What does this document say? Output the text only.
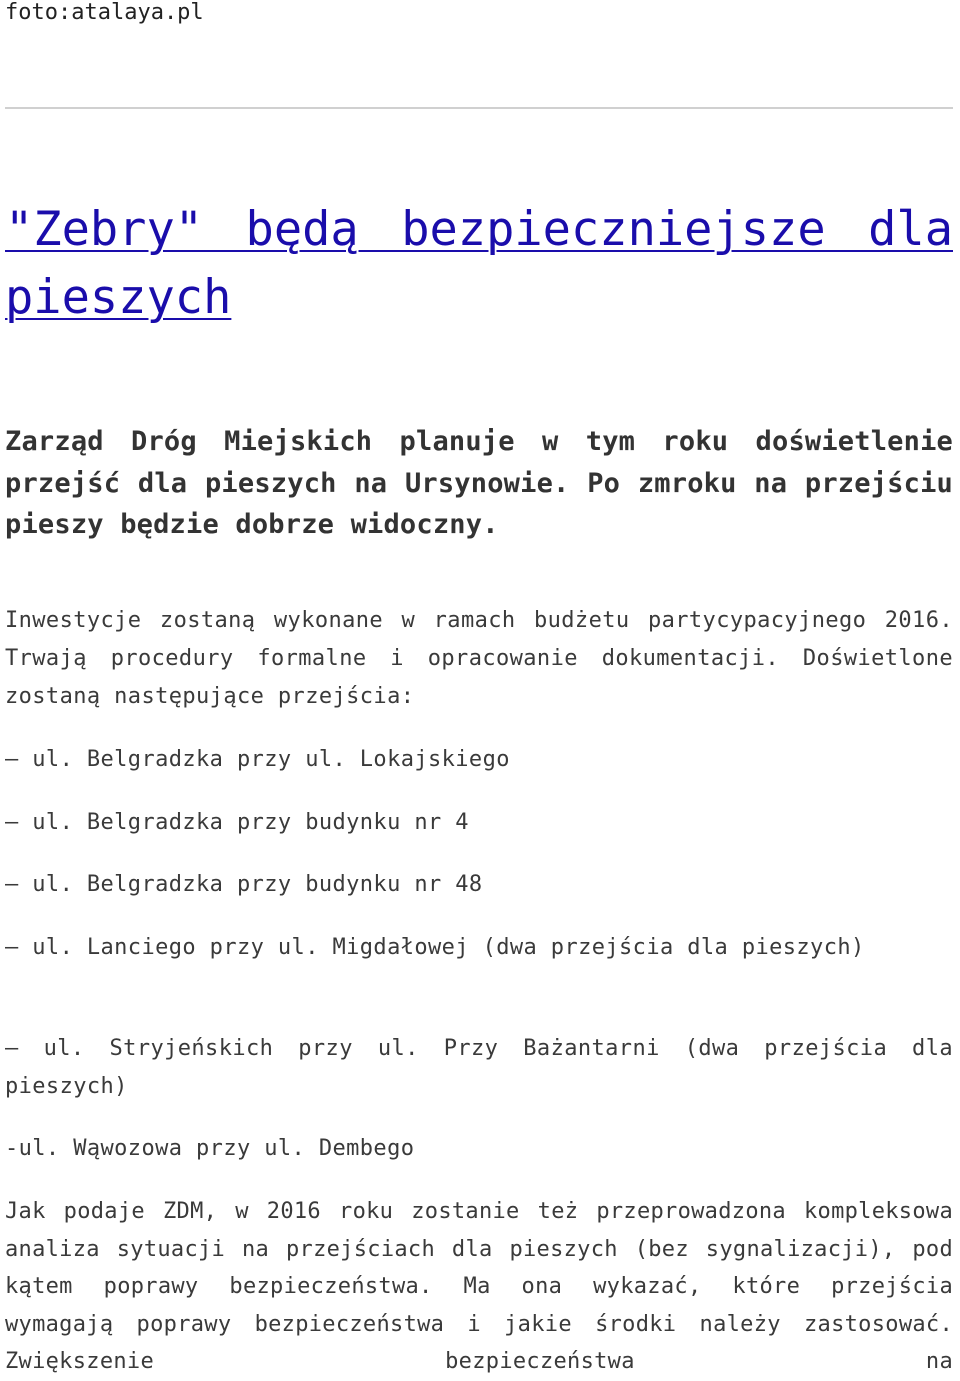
foto:atalaya.pl
"Zebry" będą bezpieczniejsze dla pieszych

Zarząd Dróg Miejskich planuje w tym roku doświetlenie przejść dla pieszych na Ursynowie. Po zmroku na przejściu pieszy będzie dobrze widoczny.

Inwestycje zostaną wykonane w ramach budżetu partycypacyjnego 2016. Trwają procedury formalne i opracowanie dokumentacji. Doświetlone zostaną następujące przejścia:

– ul. Belgradzka przy ul. Lokajskiego

– ul. Belgradzka przy budynku nr 4

– ul. Belgradzka przy budynku nr 48

– ul. Lanciego przy ul. Migdałowej (dwa przejścia dla pieszych)

– ul. Stryjeńskich przy ul. Przy Bażantarni (dwa przejścia dla pieszych)

-ul. Wąwozowa przy ul. Dembego

Jak podaje ZDM, w 2016 roku zostanie też przeprowadzona kompleksowa analiza sytuacji na przejściach dla pieszych (bez sygnalizacji), pod kątem poprawy bezpieczeństwa. Ma ona wykazać, które przejścia wymagają poprawy bezpieczeństwa i jakie środki należy zastosować. Zwiększenie bezpieczeństwa na
